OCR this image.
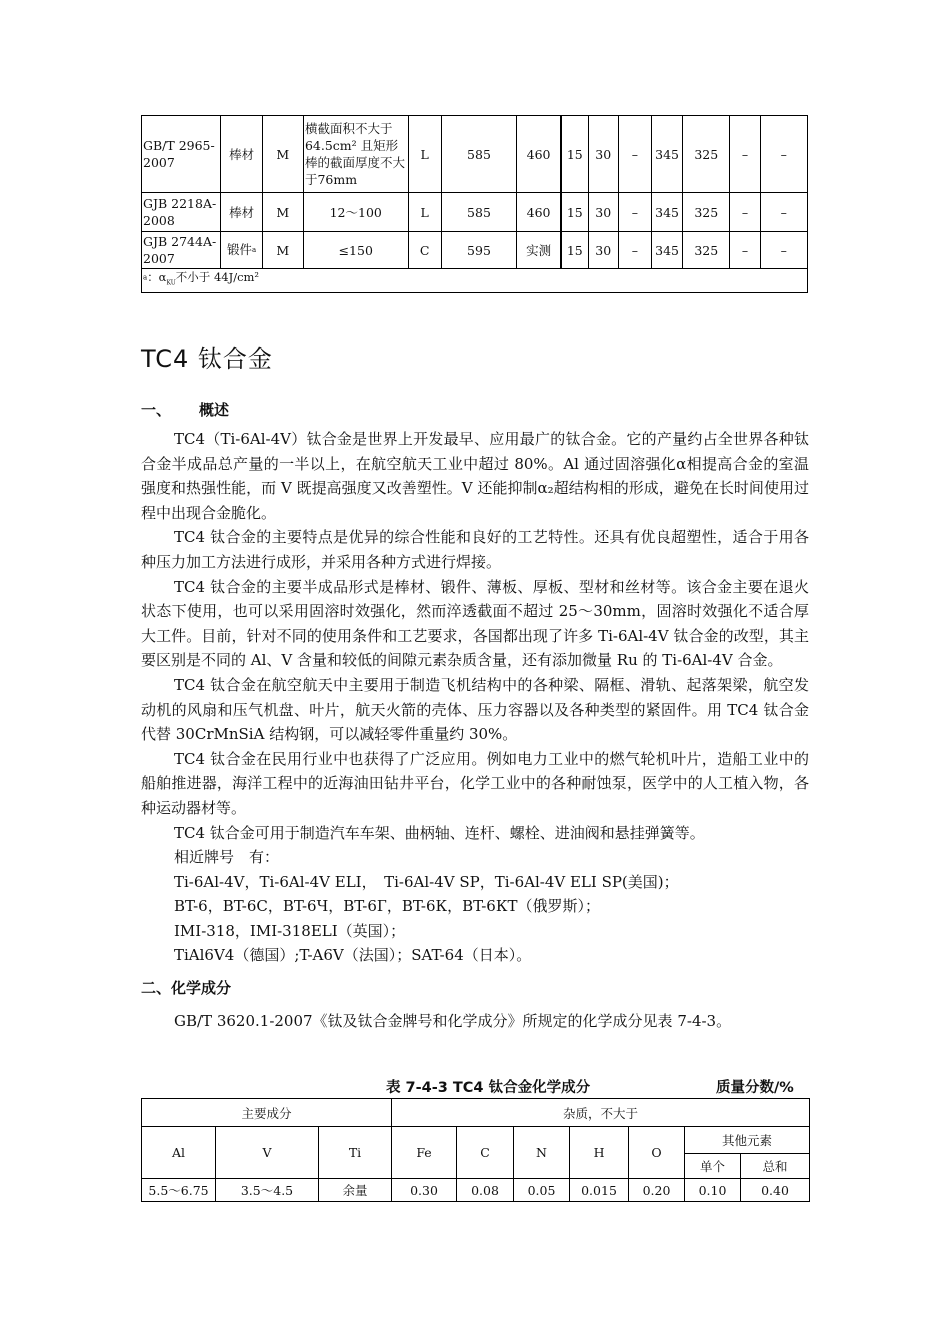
GB/T 2965-2007	棒材	M	横截面积不大于64.5cm² 且矩形棒的截面厚度不大于76mm	L	585	460	15	30	–	345	325	–	–
GJB 2218A-2008	棒材	M	12～100	L	585	460	15	30	–	345	325	–	–
GJB 2744A-2007	锻件a	M	≤150	C	595	实测	15	30	–	345	325	–	–
a：$\alpha_{KU}$不小于 44J/cm²													
TC4 钛合金
一、 概述

TC4（Ti-6Al-4V）钛合金是世界上开发最早、应用最广的钛合金。它的产量约占全世界各种钛合金半成品总产量的一半以上，在航空航天工业中超过 80%。Al 通过固溶强化α相提高合金的室温强度和热强性能，而 V 既提高强度又改善塑性。V 还能抑制α₂超结构相的形成，避免在长时间使用过程中出现合金脆化。

TC4 钛合金的主要特点是优异的综合性能和良好的工艺特性。还具有优良超塑性，适合于用各种压力加工方法进行成形，并采用各种方式进行焊接。

TC4 钛合金的主要半成品形式是棒材、锻件、薄板、厚板、型材和丝材等。该合金主要在退火状态下使用，也可以采用固溶时效强化，然而淬透截面不超过 25～30mm，固溶时效强化不适合厚大工件。目前，针对不同的使用条件和工艺要求，各国都出现了许多 Ti-6Al-4V 钛合金的改型，其主要区别是不同的 Al、V 含量和较低的间隙元素杂质含量，还有添加微量 Ru 的 Ti-6Al-4V 合金。

TC4 钛合金在航空航天中主要用于制造飞机结构中的各种梁、隔框、滑轨、起落架梁，航空发动机的风扇和压气机盘、叶片，航天火箭的壳体、压力容器以及各种类型的紧固件。用 TC4 钛合金代替 30CrMnSiA 结构钢，可以减轻零件重量约 30%。

TC4 钛合金在民用行业中也获得了广泛应用。例如电力工业中的燃气轮机叶片，造船工业中的船舶推进器，海洋工程中的近海油田钻井平台，化学工业中的各种耐蚀泵，医学中的人工植入物，各种运动器材等。

TC4 钛合金可用于制造汽车车架、曲柄轴、连杆、螺栓、进油阀和悬挂弹簧等。

相近牌号　有：

Ti-6Al-4V，Ti-6Al-4V ELI，　Ti-6Al-4V SP，Ti-6Al-4V ELI SP(美国)；

BT-6，BT-6C，BT-6Ч，BT-6Г，BT-6К，BT-6КТ（俄罗斯）；

IMI-318，IMI-318ELI（英国）；

TiAl6V4（德国）;T-A6V（法国）；SAT-64（日本）。

二、化学成分

GB/T 3620.1-2007《钛及钛合金牌号和化学成分》所规定的化学成分见表 7-4-3。

表 7-4-3 TC4 钛合金化学成分	质量分数/%
主要成分			杂质，不大于						
Al	V	Ti	Fe	C	N	H	O	其他元素	
								单个	总和
5.5～6.75	3.5～4.5	余量	0.30	0.08	0.05	0.015	0.20	0.10	0.40
